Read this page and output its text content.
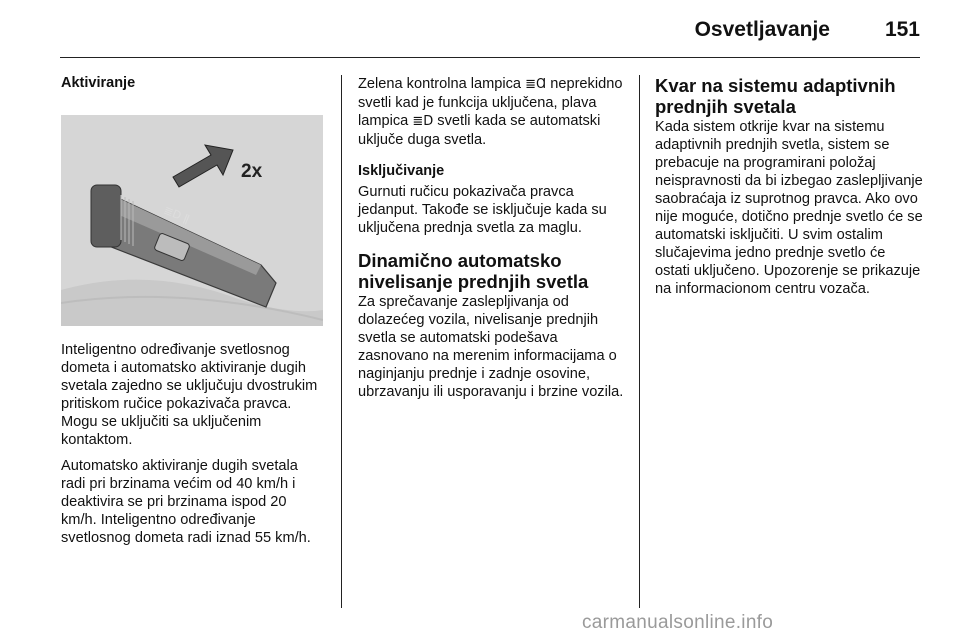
Osvetljavanje	151
Aktiviranje
≣D ǁ
2x

Inteligentno određivanje svetlosnog dometa i automatsko aktiviranje dugih svetala zajedno se uključuju dvostrukim pritiskom ručice pokazivača pravca. Mogu se uključiti sa uključenim kontaktom.

Automatsko aktiviranje dugih svetala radi pri brzinama većim od 40 km/h i deaktivira se pri brzinama ispod 20 km/h. Inteligentno određivanje svetlosnog dometa radi iznad 55 km/h.

Zelena kontrolna lampica ≣Ɑ neprekidno svetli kad je funkcija uključena, plava lampica ≣D svetli kada se automatski uključe duga svetla.

Isključivanje

Gurnuti ručicu pokazivača pravca jedanput. Takođe se isključuje kada su uključena prednja svetla za maglu.

Dinamično automatsko nivelisanje prednjih svetla

Za sprečavanje zaslepljivanja od dolazećeg vozila, nivelisanje prednjih svetla se automatski podešava zasnovano na merenim informacijama o naginjanju prednje i zadnje osovine, ubrzavanju ili usporavanju i brzine vozila.

Kvar na sistemu adaptivnih prednjih svetala

Kada sistem otkrije kvar na sistemu adaptivnih prednjih svetla, sistem se prebacuje na programirani položaj neispravnosti da bi izbegao zaslepljivanje saobraćaja iz suprotnog pravca. Ako ovo nije moguće, dotično prednje svetlo će se automatski isključiti. U svim ostalim slučajevima jedno prednje svetlo će ostati uključeno. Upozorenje se prikazuje na informacionom centru vozača.

carmanualsonline.info
